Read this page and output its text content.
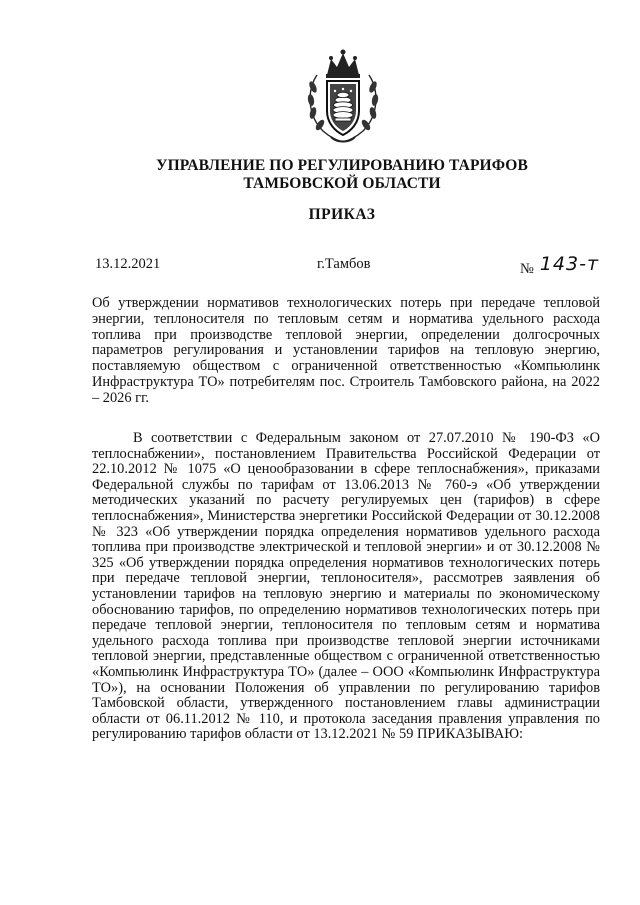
УПРАВЛЕНИЕ ПО РЕГУЛИРОВАНИЮ ТАРИФОВ
ТАМБОВСКОЙ ОБЛАСТИ
ПРИКАЗ
13.12.2021	г.Тамбов	№ 143-т
Об утверждении нормативов технологических потерь при передаче тепловой энергии, теплоносителя по тепловым сетям и норматива удельного расхода топлива при производстве тепловой энергии, определении долгосрочных параметров регулирования и установлении тарифов на тепловую энергию, поставляемую обществом с ограниченной ответственностью «Компьюлинк Инфраструктура ТО» потребителям пос. Строитель Тамбовского района, на 2022 – 2026 гг.
В соответствии с Федеральным законом от 27.07.2010 № 190-ФЗ «О теплоснабжении», постановлением Правительства Российской Федерации от 22.10.2012 № 1075 «О ценообразовании в сфере теплоснабжения», приказами Федеральной службы по тарифам от 13.06.2013 № 760-э «Об утверждении методических указаний по расчету регулируемых цен (тарифов) в сфере теплоснабжения», Министерства энергетики Российской Федерации от 30.12.2008 № 323 «Об утверждении порядка определения нормативов удельного расхода топлива при производстве электрической и тепловой энергии» и от 30.12.2008 № 325 «Об утверждении порядка определения нормативов технологических потерь при передаче тепловой энергии, теплоносителя», рассмотрев заявления об установлении тарифов на тепловую энергию и материалы по экономическому обоснованию тарифов, по определению нормативов технологических потерь при передаче тепловой энергии, теплоносителя по тепловым сетям и норматива удельного расхода топлива при производстве тепловой энергии источниками тепловой энергии, представленные обществом с ограниченной ответственностью «Компьюлинк Инфраструктура ТО» (далее – ООО «Компьюлинк Инфраструктура ТО»), на основании Положения об управлении по регулированию тарифов Тамбовской области, утвержденного постановлением главы администрации области от 06.11.2012 № 110, и протокола заседания правления управления по регулированию тарифов области от 13.12.2021 № 59 ПРИКАЗЫВАЮ:
